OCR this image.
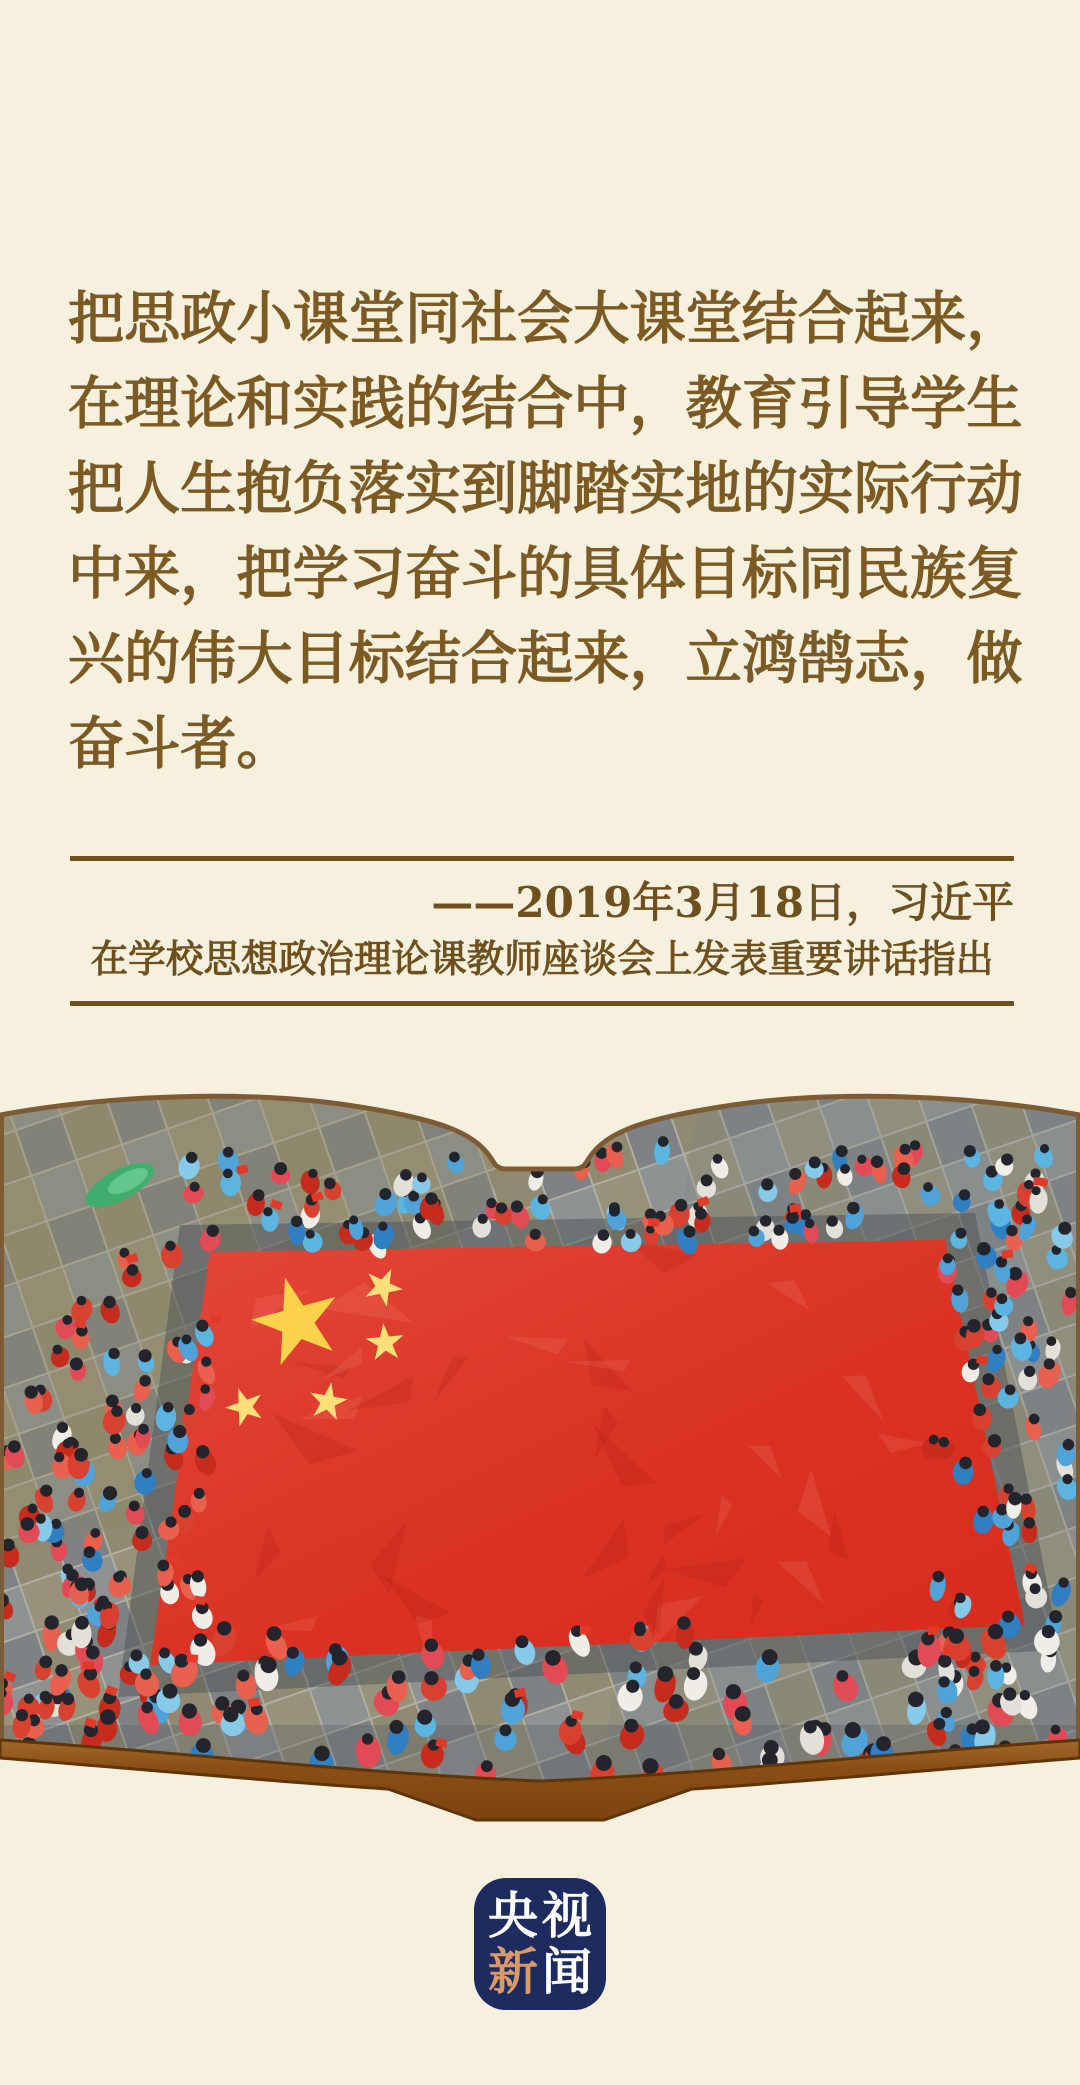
把思政小课堂同社会大课堂结合起来，
在理论和实践的结合中，教育引导学生
把人生抱负落实到脚踏实地的实际行动
中来，把学习奋斗的具体目标同民族复
兴的伟大目标结合起来，立鸿鹄志，做
奋斗者。
——2019年3月18日，习近平
在学校思想政治理论课教师座谈会上发表重要讲话指出
央 视
新 闻
